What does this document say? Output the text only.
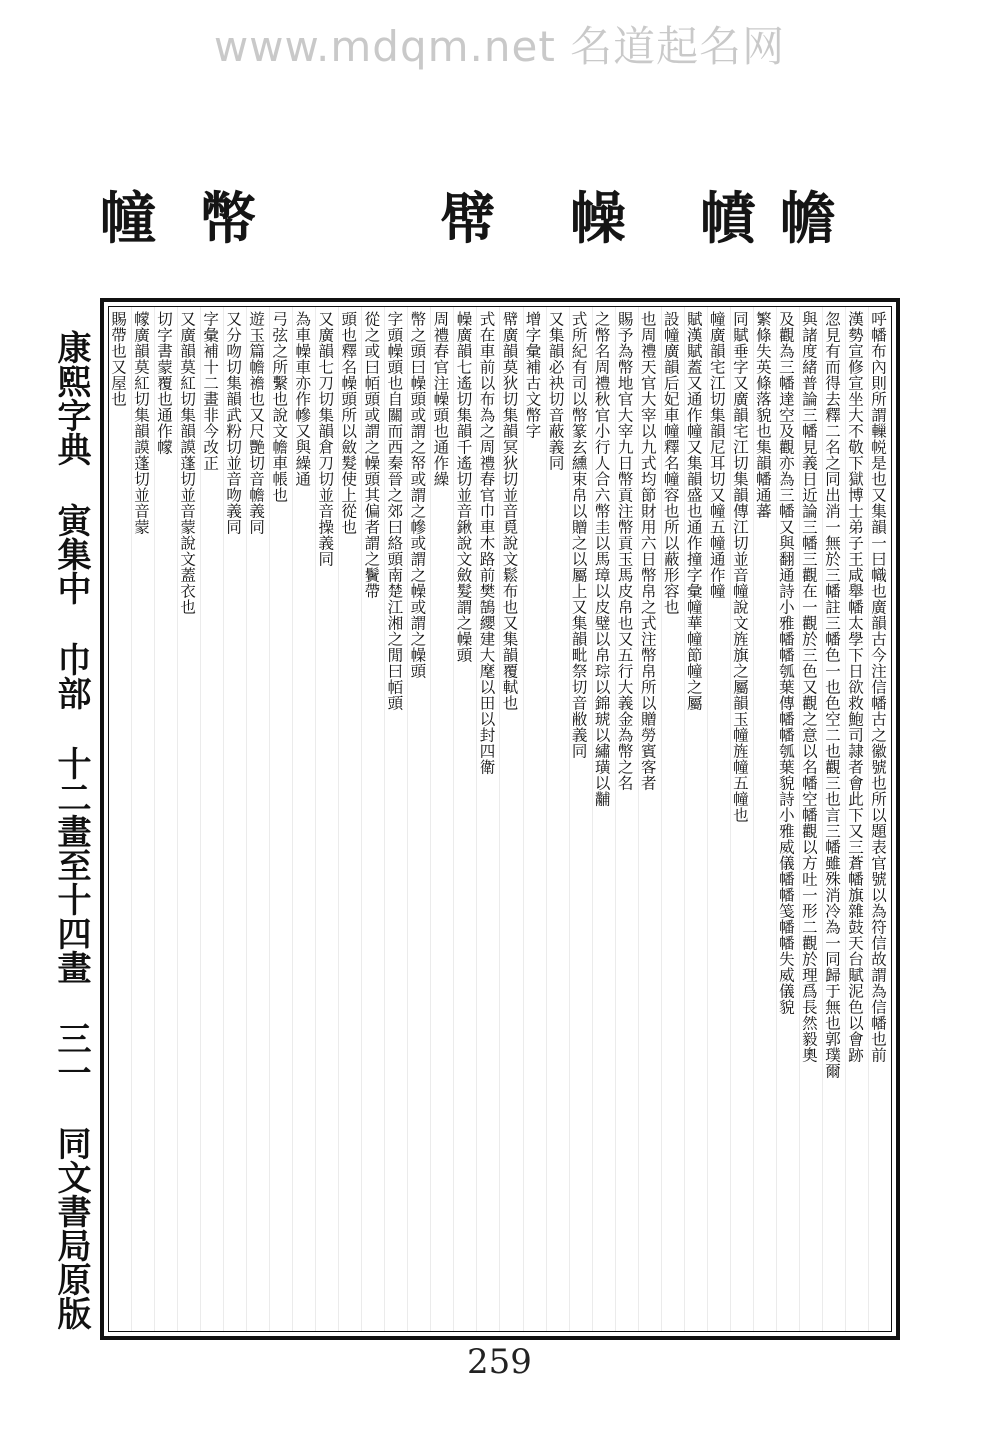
www.mdqm.net 名道起名网
幢 幣	幦 幧 幩 幨
康熙字典
寅集中
巾部
十二畫至十四畫
三一
同文書局原版
呼幡布內則所謂轈帨是也又集韻一曰幟也廣韻古今注信幡古之徽號也所以題表官號以為符信故謂為信幡也前
漢勢宣修宣坐大不敬下獄博士弟子王咸舉幡太學下日欲救鮑司隷者會此下又三蒼幡旗雜鼓天台賦泥色以會跡
忽見有而得去釋二名之同出消一無於三幡註三幡色一也色空二也觀三也言三幡雖殊消冷為一同歸于無也郭璞爾
與諸度緒普論三幡見義日近論三幡三觀在一觀於三色又觀之意以名幡空幡觀以方吐一形二觀於理爲長然毅奧
及觀為三幡達空及觀亦為三幡又與翻通詩小雅幡幡瓠葉傳幡幡瓠葉貌詩小雅威儀幡幡笺幡幡失威儀貌
繁條失英條落貌也集韻幡通蕃
同賦垂字又廣韻宅江切集韻傳江切並音幢說文旌旗之屬韻玉幢旌幢五幢也
幢廣韻宅江切集韻尼耳切又幢五幢通作幢
賦漢賦蓋又通作幢又集韻盛也通作撞字彙幢華幢節幢之屬
設幢廣韻后妃車幢釋名幢容也所以蔽形容也
也周禮天官大宰以九式均節財用六日幣帛之式注幣帛所以贈勞賓客者
賜予為幣地官大宰九日幣貢注幣貢玉馬皮帛也又五行大義金為幣之名
之幣名周禮秋官小行人合六幣圭以馬璋以皮璧以帛琮以錦琥以繡璜以黼
式所紀有司以幣篆玄纁束帛以贈之以屬上又集韻毗祭切音敝義同
又集韻必袂切音蔽義同
增字彙補古文幣字
幦廣韻莫狄切集韻冥狄切並音覓說文鬆布也又集韻覆軾也
式在車前以布為之周禮春官巾車木路前樊鵠纓建大麾以田以封四衛
幧廣韻七遙切集韻千遙切並音鍬說文斂髮謂之幧頭
周禮春官注幧頭也通作繰
幣之頭曰幧頭或謂之帑或謂之幓或謂之幧或謂之幧頭
字頭幧頭也自關而西秦晉之郊曰絡頭南楚江湘之閒曰帞頭
從之或曰帞頭或謂之幧頭其偏者謂之鬢帶
頭也釋名幧頭所以斂髮使上從也
又廣韻七刀切集韻倉刀切並音操義同
為車幧車亦作幓又與繰通
弓弦之所繫也說文幨車帳也
遊玉篇幨襜也又尺艷切音幨義同
又分吻切集韻武粉切並音吻義同
字彙補十二畫非今改正
又廣韻莫紅切集韻謨蓬切並音蒙說文蓋衣也
切字書蒙覆也通作幪
幪廣韻莫紅切集韻謨蓬切並音蒙
賜帶也又屋也
259
